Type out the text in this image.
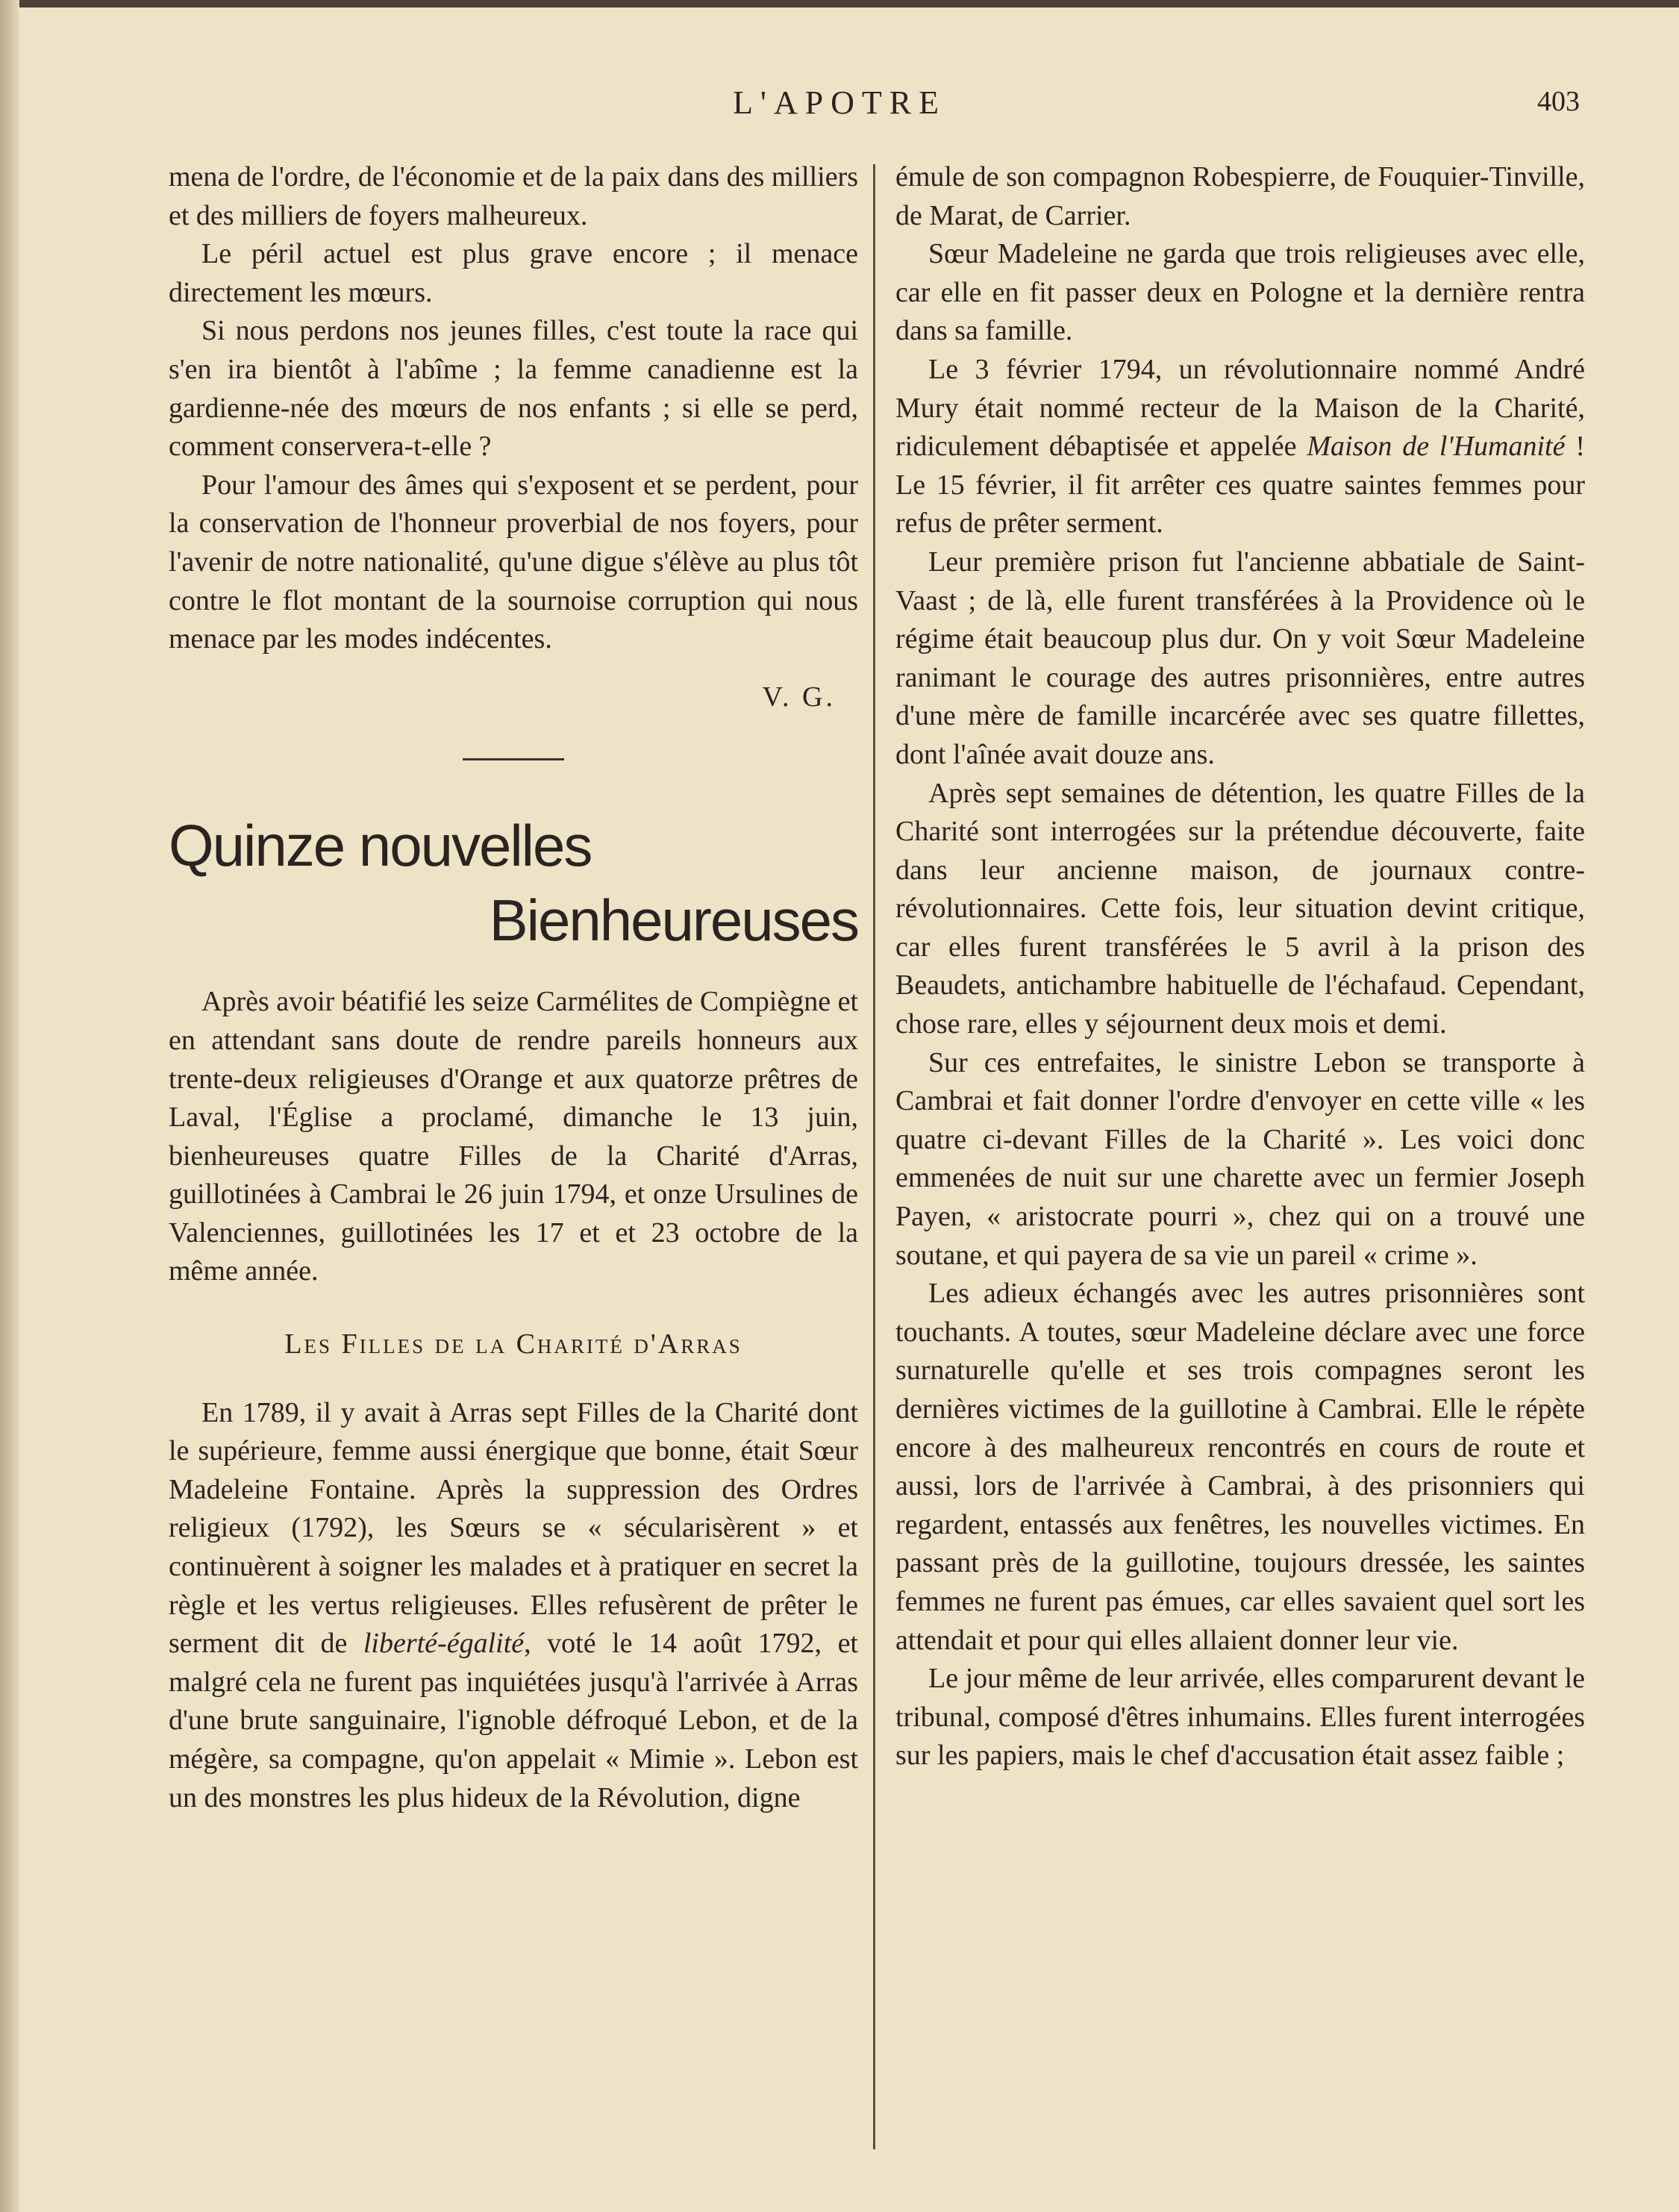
L'APOTRE	403

mena de l'ordre, de l'économie et de la paix dans des milliers et des milliers de foyers malheureux.

Le péril actuel est plus grave encore ; il menace directement les mœurs.

Si nous perdons nos jeunes filles, c'est toute la race qui s'en ira bientôt à l'abîme ; la femme canadienne est la gardienne-née des mœurs de nos enfants ; si elle se perd, comment conservera-t-elle ?

Pour l'amour des âmes qui s'exposent et se perdent, pour la conservation de l'honneur proverbial de nos foyers, pour l'avenir de notre nationalité, qu'une digue s'élève au plus tôt contre le flot montant de la sournoise corruption qui nous menace par les modes indécentes.

V. G.
Quinze nouvelles
Bienheureuses

Après avoir béatifié les seize Carmélites de Compiègne et en attendant sans doute de rendre pareils honneurs aux trente-deux religieuses d'Orange et aux quatorze prêtres de Laval, l'Église a proclamé, dimanche le 13 juin, bienheureuses quatre Filles de la Charité d'Arras, guillotinées à Cambrai le 26 juin 1794, et onze Ursulines de Valenciennes, guillotinées les 17 et et 23 octobre de la même année.

Les Filles de la Charité d'Arras

En 1789, il y avait à Arras sept Filles de la Charité dont le supérieure, femme aussi énergique que bonne, était Sœur Madeleine Fontaine. Après la suppression des Ordres religieux (1792), les Sœurs se « sécularisèrent » et continuèrent à soigner les malades et à pratiquer en secret la règle et les vertus religieuses. Elles refusèrent de prêter le serment dit de liberté-égalité, voté le 14 août 1792, et malgré cela ne furent pas inquiétées jusqu'à l'arrivée à Arras d'une brute sanguinaire, l'ignoble défroqué Lebon, et de la mégère, sa compagne, qu'on appelait « Mimie ». Lebon est un des monstres les plus hideux de la Révolution, digne

émule de son compagnon Robespierre, de Fouquier-Tinville, de Marat, de Carrier.

Sœur Madeleine ne garda que trois religieuses avec elle, car elle en fit passer deux en Pologne et la dernière rentra dans sa famille.

Le 3 février 1794, un révolutionnaire nommé André Mury était nommé recteur de la Maison de la Charité, ridiculement débaptisée et appelée Maison de l'Humanité ! Le 15 février, il fit arrêter ces quatre saintes femmes pour refus de prêter serment.

Leur première prison fut l'ancienne abbatiale de Saint-Vaast ; de là, elle furent transférées à la Providence où le régime était beaucoup plus dur. On y voit Sœur Madeleine ranimant le courage des autres prisonnières, entre autres d'une mère de famille incarcérée avec ses quatre fillettes, dont l'aînée avait douze ans.

Après sept semaines de détention, les quatre Filles de la Charité sont interrogées sur la prétendue découverte, faite dans leur ancienne maison, de journaux contre-révolutionnaires. Cette fois, leur situation devint critique, car elles furent transférées le 5 avril à la prison des Beaudets, antichambre habituelle de l'échafaud. Cependant, chose rare, elles y séjournent deux mois et demi.

Sur ces entrefaites, le sinistre Lebon se transporte à Cambrai et fait donner l'ordre d'envoyer en cette ville « les quatre ci-devant Filles de la Charité ». Les voici donc emmenées de nuit sur une charette avec un fermier Joseph Payen, « aristocrate pourri », chez qui on a trouvé une soutane, et qui payera de sa vie un pareil « crime ».

Les adieux échangés avec les autres prisonnières sont touchants. A toutes, sœur Madeleine déclare avec une force surnaturelle qu'elle et ses trois compagnes seront les dernières victimes de la guillotine à Cambrai. Elle le répète encore à des malheureux rencontrés en cours de route et aussi, lors de l'arrivée à Cambrai, à des prisonniers qui regardent, entassés aux fenêtres, les nouvelles victimes. En passant près de la guillotine, toujours dressée, les saintes femmes ne furent pas émues, car elles savaient quel sort les attendait et pour qui elles allaient donner leur vie.

Le jour même de leur arrivée, elles comparurent devant le tribunal, composé d'êtres inhumains. Elles furent interrogées sur les papiers, mais le chef d'accusation était assez faible ;
